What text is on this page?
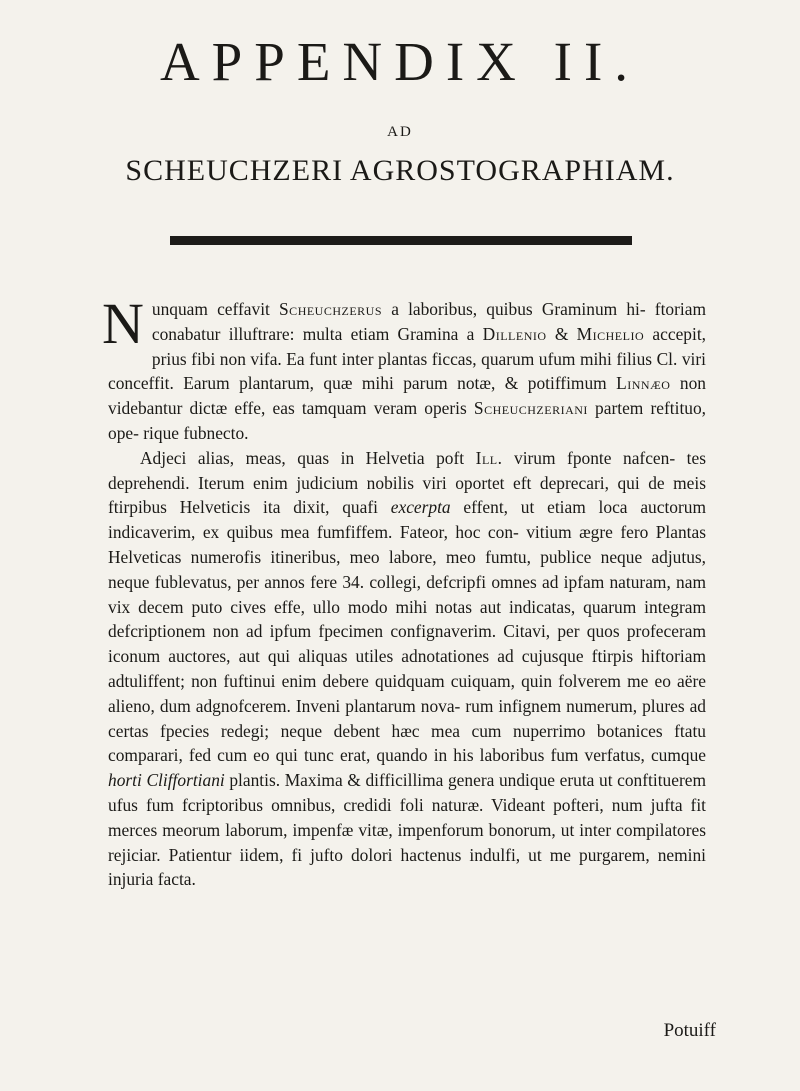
APPENDIX II.
AD
SCHEUCHZERI AGROSTOGRAPHIAM.

Nunquam ceffavit Scheuchzerus a laboribus, quibus Graminum hi- ftoriam conabatur illuftrare: multa etiam Gramina a Dillenio & Michelio accepit, prius fibi non vifa. Ea funt inter plantas ficcas, quarum ufum mihi filius Cl. viri conceffit. Earum plantarum, quæ mihi parum notæ, & potiffimum Linnæo non videbantur dictæ effe, eas tamquam veram operis Scheuchzeriani partem reftituo, ope- rique fubnecto.

Adjeci alias, meas, quas in Helvetia poft Ill. virum fponte nafcen- tes deprehendi. Iterum enim judicium nobilis viri oportet eft deprecari, qui de meis ftirpibus Helveticis ita dixit, quafi excerpta effent, ut etiam loca auctorum indicaverim, ex quibus mea fumfiffem. Fateor, hoc con- vitium ægre fero Plantas Helveticas numerofis itineribus, meo labore, meo fumtu, publice neque adjutus, neque fublevatus, per annos fere 34. collegi, defcripfi omnes ad ipfam naturam, nam vix decem puto cives effe, ullo modo mihi notas aut indicatas, quarum integram defcriptionem non ad ipfum fpecimen confignaverim. Citavi, per quos profeceram iconum auctores, aut qui aliquas utiles adnotationes ad cujusque ftirpis hiftoriam adtuliffent; non fuftinui enim debere quidquam cuiquam, quin folverem me eo aëre alieno, dum adgnofcerem. Inveni plantarum nova- rum infignem numerum, plures ad certas fpecies redegi; neque debent hæc mea cum nuperrimo botanices ftatu comparari, fed cum eo qui tunc erat, quando in his laboribus fum verfatus, cumque horti Cliffortiani plantis. Maxima & difficillima genera undique eruta ut conftituerem ufus fum fcriptoribus omnibus, credidi foli naturæ. Videant pofteri, num jufta fit merces meorum laborum, impenfæ vitæ, impenforum bonorum, ut inter compilatores rejiciar. Patientur iidem, fi jufto dolori hactenus indulfi, ut me purgarem, nemini injuria facta.

Potuiff
